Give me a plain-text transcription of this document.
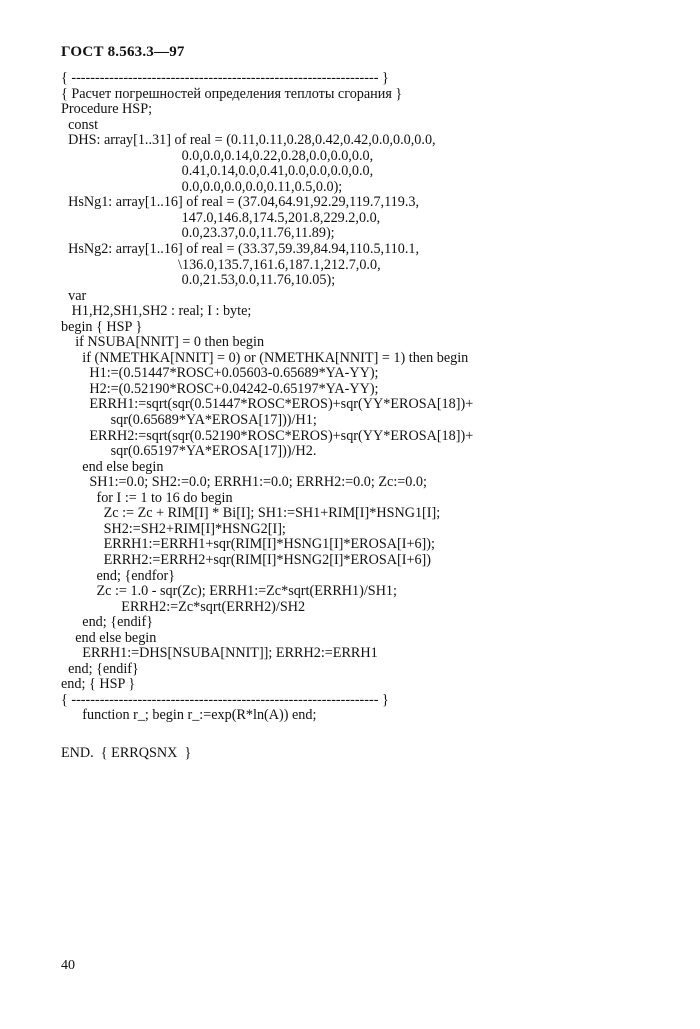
ГОСТ 8.563.3—97
{ ----------------------------------------------------------------- }
{ Расчет погрешностей определения теплоты сгорания }
Procedure HSP;
const
DHS: array[1..31] of real = (0.11,0.11,0.28,0.42,0.42,0.0,0.0,0.0,
0.0,0.0,0.14,0.22,0.28,0.0,0.0,0.0,
0.41,0.14,0.0,0.41,0.0,0.0,0.0,0.0,
0.0,0.0,0.0,0.0,0.11,0.5,0.0);
HsNg1: array[1..16] of real = (37.04,64.91,92.29,119.7,119.3,
147.0,146.8,174.5,201.8,229.2,0.0,
0.0,23.37,0.0,11.76,11.89);
HsNg2: array[1..16] of real = (33.37,59.39,84.94,110.5,110.1,
\136.0,135.7,161.6,187.1,212.7,0.0,
0.0,21.53,0.0,11.76,10.05);
var
H1,H2,SH1,SH2 : real; I : byte;
begin { HSP }
if NSUBA[NNIT] = 0 then begin
if (NMETHKA[NNIT] = 0) or (NMETHKA[NNIT] = 1) then begin
H1:=(0.51447*ROSC+0.05603-0.65689*YA-YY);
H2:=(0.52190*ROSC+0.04242-0.65197*YA-YY);
ERRH1:=sqrt(sqr(0.51447*ROSC*EROS)+sqr(YY*EROSA[18])+
sqr(0.65689*YA*EROSA[17]))/H1;
ERRH2:=sqrt(sqr(0.52190*ROSC*EROS)+sqr(YY*EROSA[18])+
sqr(0.65197*YA*EROSA[17]))/H2.
end else begin
SH1:=0.0; SH2:=0.0; ERRH1:=0.0; ERRH2:=0.0; Zc:=0.0;
for I := 1 to 16 do begin
Zc := Zc + RIM[I] * Bi[I]; SH1:=SH1+RIM[I]*HSNG1[I];
SH2:=SH2+RIM[I]*HSNG2[I];
ERRH1:=ERRH1+sqr(RIM[I]*HSNG1[I]*EROSA[I+6]);
ERRH2:=ERRH2+sqr(RIM[I]*HSNG2[I]*EROSA[I+6])
end; {endfor}
Zc := 1.0 - sqr(Zc); ERRH1:=Zc*sqrt(ERRH1)/SH1;
ERRH2:=Zc*sqrt(ERRH2)/SH2
end; {endif}
end else begin
ERRH1:=DHS[NSUBA[NNIT]]; ERRH2:=ERRH1
end; {endif}
end; { HSP }
{ ----------------------------------------------------------------- }
function r_; begin r_:=exp(R*ln(A)) end;
END.  { ERRQSNX  }
40
